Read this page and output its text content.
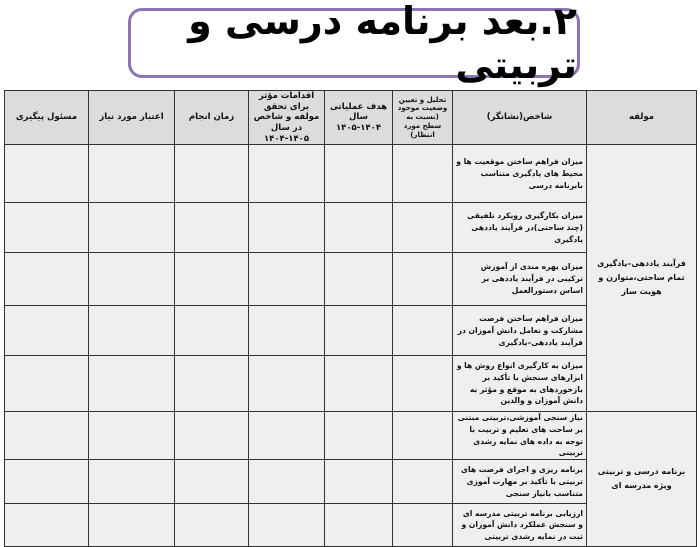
۲.بعد برنامه درسی و تربیتی
مولفه	شاخص(نشانگر)	تحلیل و تعیین وضعیت موجود (نسبت به سطح مورد انتظار)	هدف عملیاتی سال ۱۴۰۴-۱۴۰۵	اقدامات مؤثر برای تحقق مولفه و شاخص در سال ۱۴۰۵-۱۴۰۴	زمان انجام	اعتبار مورد نیاز	مسئول پیگیری
فرآیند یاددهی–یادگیری تمام ساحتی،متوازن و هویت ساز	میزان فراهم ساختن موقعیت ها و محیط های یادگیری متناسب بابرنامه درسی						
	میزان بکارگیری رویکرد تلفیقی (چند ساحتی)در فرآیند یاددهی یادگیری						
	میزان بهره مندی از آموزش ترکیبی در فرآیند یاددهی بر اساس دستورالعمل						
	میزان فراهم ساختن فرصت مشارکت و تعامل دانش آموزان در فرآیند یاددهی–یادگیری						
	میزان به کارگیری انواع روش ها و ابزارهای سنجش با تأکید بر بازخوردهای به موقع و مؤثر به دانش آموزان و والدین						
برنامه درسی و تربیتی ویژه مدرسه ای	نیاز سنجی آموزشی،تربیتی مبتنی بر ساحت های تعلیم و تربیت با توجه به داده های نمایه رشدی تربیتی						
	برنامه ریزی و اجرای فرصت های تربیتی با تأکید بر مهارت آموزی متناسب بانیاز سنجی						
	ارزیابی برنامه تربیتی مدرسه ای و سنجش عملکرد دانش آموزان و ثبت در نمایه رشدی تربیتی						
